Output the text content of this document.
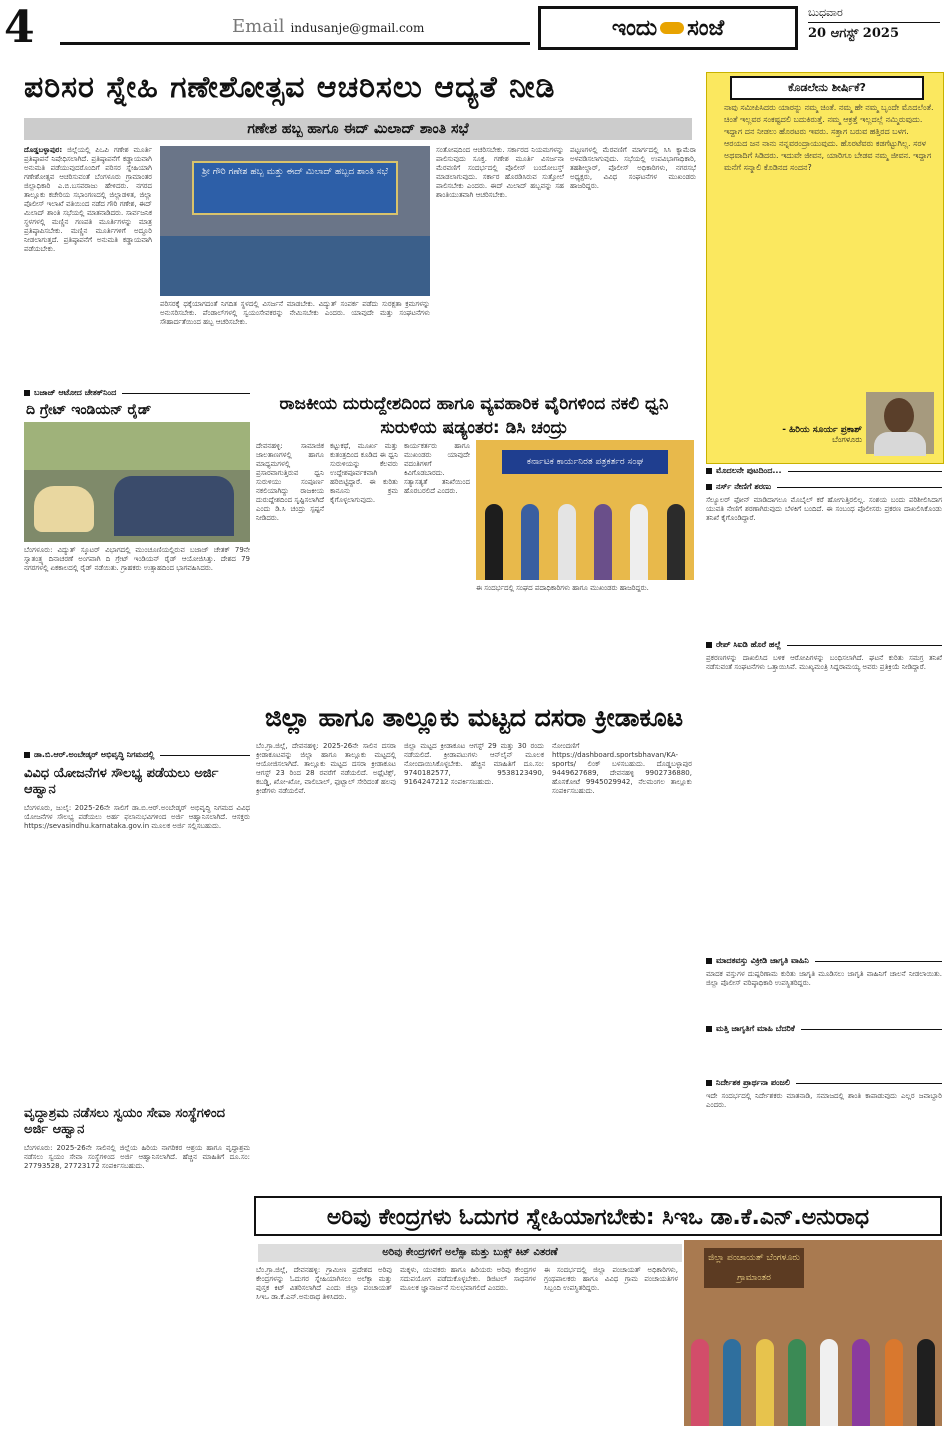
4	Email indusanje@gmail.com	ಇಂದು ಸಂಜೆ
ಬುಧವಾರ
20 ಆಗಸ್ಟ್ 2025
ಪರಿಸರ ಸ್ನೇಹಿ ಗಣೇಶೋತ್ಸವ ಆಚರಿಸಲು ಆದ್ಯತೆ ನೀಡಿ
ಗಣೇಶ ಹಬ್ಬ ಹಾಗೂ ಈದ್ ಮಿಲಾದ್ ಶಾಂತಿ ಸಭೆ
ದೊಡ್ಡಬಳ್ಳಾಪುರ: ಜಿಲ್ಲೆಯಲ್ಲಿ ಪಿಒಪಿ ಗಣೇಶ ಮೂರ್ತಿ ಪ್ರತಿಷ್ಠಾಪನೆ ನಿಷೇಧಿಸಲಾಗಿದೆ. ಪ್ರತಿಷ್ಠಾಪನೆಗೆ ಕಡ್ಡಾಯವಾಗಿ ಅನುಮತಿ ಪಡೆಯುವುದರೊಂದಿಗೆ ಪರಿಸರ ಸ್ನೇಹಿಯಾಗಿ ಗಣೇಶೋತ್ಸವ ಆಚರಿಸುವಂತೆ ಬೆಂಗಳೂರು ಗ್ರಾಮಾಂತರ ಜಿಲ್ಲಾಧಿಕಾರಿ ಎ.ಬಿ.ಬಸವರಾಜು ಹೇಳಿದರು. ನಗರದ ತಾಲ್ಲೂಕು ಕಚೇರಿಯ ಸಭಾಂಗಣದಲ್ಲಿ ಜಿಲ್ಲಾಡಳಿತ, ಜಿಲ್ಲಾ ಪೊಲೀಸ್ ಇಲಾಖೆ ವತಿಯಿಂದ ನಡೆದ ಗೌರಿ ಗಣೇಶ, ಈದ್ ಮಿಲಾದ್ ಶಾಂತಿ ಸಭೆಯಲ್ಲಿ ಮಾತನಾಡಿದರು. ಸಾರ್ವಜನಿಕ ಸ್ಥಳಗಳಲ್ಲಿ ಮಣ್ಣಿನ ಗಣಪತಿ ಮೂರ್ತಿಗಳನ್ನು ಮಾತ್ರ ಪ್ರತಿಷ್ಠಾಪಿಸಬೇಕು. ಮಣ್ಣಿನ ಮೂರ್ತಿಗಳಿಗೆ ಅದ್ದೂರಿ ನೀಡಲಾಗುತ್ತದೆ. ಪ್ರತಿಷ್ಠಾಪನೆಗೆ ಅನುಮತಿ ಕಡ್ಡಾಯವಾಗಿ ಪಡೆಯಬೇಕು.
ಶ್ರೀ ಗೌರಿ ಗಣೇಶ ಹಬ್ಬ ಮತ್ತು ಈದ್ ಮಿಲಾದ್ ಹಬ್ಬದ ಶಾಂತಿ ಸಭೆ
ಪರಿಸರಕ್ಕೆ ಧಕ್ಕೆಯಾಗದಂತೆ ನಿಗದಿತ ಸ್ಥಳದಲ್ಲಿ ವಿಸರ್ಜನೆ ಮಾಡಬೇಕು. ವಿದ್ಯುತ್ ಸಂಪರ್ಕ ಪಡೆದು ಸುರಕ್ಷತಾ ಕ್ರಮಗಳನ್ನು ಅನುಸರಿಸಬೇಕು. ಪೆಂಡಾಲ್‌ಗಳಲ್ಲಿ ಸ್ವಯಂಸೇವಕರನ್ನು ನೇಮಿಸಬೇಕು ಎಂದರು. ಯಾವುದೇ ಮತ್ತು ಸಂಘಟನೆಗಳು ಸೌಹಾರ್ದತೆಯಿಂದ ಹಬ್ಬ ಆಚರಿಸಬೇಕು.
ಸಂತೋಷದಿಂದ ಆಚರಿಸಬೇಕು. ಸರ್ಕಾರದ ನಿಯಮಗಳನ್ನು ಪಾಲಿಸುವುದು ಸೂಕ್ತ. ಗಣೇಶ ಮೂರ್ತಿ ವಿಸರ್ಜನಾ ಮೆರವಣಿಗೆ ಸಂದರ್ಭದಲ್ಲಿ ಪೊಲೀಸ್ ಬಂದೋಬಸ್ತ್ ಮಾಡಲಾಗುವುದು. ಸರ್ಕಾರ ಹೊರಡಿಸಿರುವ ಸುತ್ತೋಲೆ ಪಾಲಿಸಬೇಕು ಎಂದರು. ಈದ್ ಮಿಲಾದ್ ಹಬ್ಬವನ್ನು ಸಹ ಶಾಂತಿಯುತವಾಗಿ ಆಚರಿಸಬೇಕು.
ಪಟ್ಟಣಗಳಲ್ಲಿ ಮೆರವಣಿಗೆ ಮಾರ್ಗದಲ್ಲಿ ಸಿಸಿ ಕ್ಯಾಮೆರಾ ಅಳವಡಿಸಲಾಗುವುದು. ಸಭೆಯಲ್ಲಿ ಉಪವಿಭಾಗಾಧಿಕಾರಿ, ತಹಶೀಲ್ದಾರ್, ಪೊಲೀಸ್ ಅಧಿಕಾರಿಗಳು, ನಗರಸಭೆ ಅಧ್ಯಕ್ಷರು, ವಿವಿಧ ಸಂಘಟನೆಗಳ ಮುಖಂಡರು ಹಾಜರಿದ್ದರು.
ಕೊಡಲೇನು ಶೀರ್ಷಿಕೆ?
ನಾವು ಸಮೀಪಿಸಿದರು ಯಾರನ್ನು ನಮ್ಮ ಚಿಂತೆ. ನಮ್ಮ ಹೇ ನಮ್ಮ ಬೃಂದೇ ಮೊದಲೆಂತೆ. ಚಿಂತೆ ಇಲ್ಲವರ ಸಂಕಷ್ಟದಲಿ ಬದುಕಿರುತ್ತೆ. ನಮ್ಮ ಆಕ್ರತ್ತೆ ಇಲ್ಲದಲ್ಲೆ ನಮ್ಮಿರುವುದು. ಇದ್ದಾಗ ದನ ನೀಡಲು ಹೊರಟರು ಇವರು. ಸತ್ತಾಗ ಬರುವ ಹತ್ತಿರದ ಬಳಗ. ಆರಯದ ಜನ ನಾನು ನನ್ನವರಂದ್ರಾಯುವುದು. ಹೊರಟೆವರು ಕಡಗೆಟ್ಟುಗಿಲ್ಲ. ಸರಳ ಅಥವಾದಿಗೆ ಸಿಡಿದರು. ಇದುವೇ ಜೀವನ, ಯಾರಿಗೂ ಬೇಡವ ನಮ್ಮ ಜೀವನ. ಇದ್ದಾಗ ಮನೆಗೆ ಸನ್ಮಾಲಿ ಕೊಡಿನದ ಸಂದನ?
- ಹಿರಿಯ ಸೂರ್ಯ ಪ್ರಕಾಶ್
ಬೆಂಗಳೂರು
ಬಜಾಜ್ ಆಟೋದ ಚೇತಕ್‌ನಿಂದ
ದಿ ಗ್ರೇಟ್ ಇಂಡಿಯನ್ ರೈಡ್
ಬೆಂಗಳೂರು: ವಿದ್ಯುತ್ ಸ್ಕೂಟರ್ ವಿಭಾಗದಲ್ಲಿ ಮುಂಚೂಣಿಯಲ್ಲಿರುವ ಬಜಾಜ್ ಚೇತಕ್ 79ನೇ ಸ್ವಾತಂತ್ರ್ಯ ದಿನಾಚರಣೆ ಅಂಗವಾಗಿ ದಿ ಗ್ರೇಟ್ ಇಂಡಿಯನ್ ರೈಡ್ ಆಯೋಜಿಸಿತ್ತು. ದೇಶದ 79 ನಗರಗಳಲ್ಲಿ ಏಕಕಾಲದಲ್ಲಿ ರೈಡ್ ನಡೆಯಿತು. ಗ್ರಾಹಕರು ಉತ್ಸಾಹದಿಂದ ಭಾಗವಹಿಸಿದರು.
ಡಾ.ಬಿ.ಆರ್.ಅಂಬೇಡ್ಕರ್ ಅಭಿವೃದ್ಧಿ ನಿಗಮದಲ್ಲಿ
ವಿವಿಧ ಯೋಜನೆಗಳ ಸೌಲಭ್ಯ ಪಡೆಯಲು ಅರ್ಜಿ ಆಹ್ವಾನ
ಬೆಂಗಳೂರು, ಜುಲೈ: 2025-26ನೇ ಸಾಲಿಗೆ ಡಾ.ಬಿ.ಆರ್.ಅಂಬೇಡ್ಕರ್ ಅಭಿವೃದ್ಧಿ ನಿಗಮದ ವಿವಿಧ ಯೋಜನೆಗಳ ಸೌಲಭ್ಯ ಪಡೆಯಲು ಅರ್ಹ ಫಲಾನುಭವಿಗಳಿಂದ ಅರ್ಜಿ ಆಹ್ವಾನಿಸಲಾಗಿದೆ. ಆಸಕ್ತರು https://sevasindhu.karnataka.gov.in ಮೂಲಕ ಅರ್ಜಿ ಸಲ್ಲಿಸಬಹುದು.
ವೃದ್ಧಾಶ್ರಮ ನಡೆಸಲು ಸ್ವಯಂ ಸೇವಾ ಸಂಸ್ಥೆಗಳಿಂದ ಅರ್ಜಿ ಆಹ್ವಾನ
ಬೆಂಗಳೂರು: 2025-26ನೇ ಸಾಲಿನಲ್ಲಿ ಜಿಲ್ಲೆಯ ಹಿರಿಯ ನಾಗರಿಕರ ಆಶ್ರಯ ಹಾಗೂ ವೃದ್ಧಾಶ್ರಮ ನಡೆಸಲು ಸ್ವಯಂ ಸೇವಾ ಸಂಸ್ಥೆಗಳಿಂದ ಅರ್ಜಿ ಆಹ್ವಾನಿಸಲಾಗಿದೆ. ಹೆಚ್ಚಿನ ಮಾಹಿತಿಗೆ ದೂ.ಸಂ: 27793528, 27723172 ಸಂಪರ್ಕಿಸಬಹುದು.
ರಾಜಕೀಯ ದುರುದ್ದೇಶದಿಂದ ಹಾಗೂ ವ್ಯವಹಾರಿಕ ವೈರಿಗಳಿಂದ ನಕಲಿ ಧ್ವನಿ ಸುರುಳಿಯ ಷಡ್ಯಂತರ: ಡಿಸಿ ಚಂದ್ರು
ದೇವನಹಳ್ಳಿ: ಸಾಮಾಜಿಕ ಜಾಲತಾಣಗಳಲ್ಲಿ ಹಾಗೂ ಮಾಧ್ಯಮಗಳಲ್ಲಿ ಪ್ರಸಾರವಾಗುತ್ತಿರುವ ಧ್ವನಿ ಸುರುಳಿಯು ಸಂಪೂರ್ಣ ನಕಲಿಯಾಗಿದ್ದು ರಾಜಕೀಯ ದುರುದ್ದೇಶದಿಂದ ಸೃಷ್ಟಿಸಲಾಗಿದೆ ಎಂದು ಡಿ.ಸಿ ಚಂದ್ರು ಸ್ಪಷ್ಟನೆ ನೀಡಿದರು.
ಕಟ್ಟುಕಥೆ, ಮೂರ್ಖ ಮತ್ತು ಕುತಂತ್ರದಿಂದ ಕೂಡಿದ ಈ ಧ್ವನಿ ಸುರುಳಿಯನ್ನು ಕೆಲವರು ಉದ್ದೇಶಪೂರ್ವಕವಾಗಿ ಹರಿಬಿಟ್ಟಿದ್ದಾರೆ. ಈ ಕುರಿತು ಕಾನೂನು ಕ್ರಮ ಕೈಗೊಳ್ಳಲಾಗುವುದು.
ಕಾರ್ಯಕರ್ತರು ಹಾಗೂ ಮುಖಂಡರು ಯಾವುದೇ ವದಂತಿಗಳಿಗೆ ಕಿವಿಗೊಡಬಾರದು. ಸತ್ಯಾಸತ್ಯತೆ ತನಿಖೆಯಿಂದ ಹೊರಬರಲಿದೆ ಎಂದರು.
ಕರ್ನಾಟಕ ಕಾರ್ಯನಿರತ ಪತ್ರಕರ್ತರ ಸಂಘ
ಈ ಸಂದರ್ಭದಲ್ಲಿ ಸಂಘದ ಪದಾಧಿಕಾರಿಗಳು ಹಾಗೂ ಮುಖಂಡರು ಹಾಜರಿದ್ದರು.
ಜಿಲ್ಲಾ ಹಾಗೂ ತಾಲ್ಲೂಕು ಮಟ್ಟದ ದಸರಾ ಕ್ರೀಡಾಕೂಟ
ಬೆಂ.ಗ್ರಾ.ಜಿಲ್ಲೆ, ದೇವನಹಳ್ಳಿ: 2025-26ನೇ ಸಾಲಿನ ದಸರಾ ಕ್ರೀಡಾಕೂಟವನ್ನು ಜಿಲ್ಲಾ ಹಾಗೂ ತಾಲ್ಲೂಕು ಮಟ್ಟದಲ್ಲಿ ಆಯೋಜಿಸಲಾಗಿದೆ. ತಾಲ್ಲೂಕು ಮಟ್ಟದ ದಸರಾ ಕ್ರೀಡಾಕೂಟ ಆಗಸ್ಟ್ 23 ರಿಂದ 28 ರವರೆಗೆ ನಡೆಯಲಿದೆ. ಅಥ್ಲೆಟಿಕ್ಸ್, ಕಬಡ್ಡಿ, ಖೋ-ಖೋ, ವಾಲಿಬಾಲ್, ಫುಟ್ಬಾಲ್ ಸೇರಿದಂತೆ ಹಲವು ಕ್ರೀಡೆಗಳು ನಡೆಯಲಿವೆ.
ಜಿಲ್ಲಾ ಮಟ್ಟದ ಕ್ರೀಡಾಕೂಟ ಆಗಸ್ಟ್ 29 ಮತ್ತು 30 ರಂದು ನಡೆಯಲಿದೆ. ಕ್ರೀಡಾಪಟುಗಳು ಆನ್‌ಲೈನ್ ಮೂಲಕ ನೋಂದಾಯಿಸಿಕೊಳ್ಳಬೇಕು. ಹೆಚ್ಚಿನ ಮಾಹಿತಿಗೆ ದೂ.ಸಂ: 9740182577, 9538123490, 9164247212 ಸಂಪರ್ಕಿಸಬಹುದು.
ನೋಂದಣಿಗೆ https://dashboard.sportsbhavan/KA-sports/ ಲಿಂಕ್ ಬಳಸಬಹುದು. ದೊಡ್ಡಬಳ್ಳಾಪುರ 9449627689, ದೇವನಹಳ್ಳಿ 9902736880, ಹೊಸಕೋಟೆ 9945029942, ನೆಲಮಂಗಲ ತಾಲ್ಲೂಕು ಸಂಪರ್ಕಿಸಬಹುದು.
ಮೊದಲನೇ ಪುಟದಿಂದ...
ನರ್ಸ್ ನೇಣಿಗೆ ಶರಣು
ಸೆಲ್ಯೂಲರ್ ಫೋನ್ ಮಾಡಿದಾಗಲೂ ಮೊಬೈಲ್ ಕರೆ ಹೋಗುತ್ತಿರಲಿಲ್ಲ. ಸಂಶಯ ಬಂದು ಪರಿಶೀಲಿಸಿದಾಗ ಯುವತಿ ನೇಣಿಗೆ ಶರಣಾಗಿರುವುದು ಬೆಳಕಿಗೆ ಬಂದಿದೆ. ಈ ಸಂಬಂಧ ಪೊಲೀಸರು ಪ್ರಕರಣ ದಾಖಲಿಸಿಕೊಂಡು ತನಿಖೆ ಕೈಗೊಂಡಿದ್ದಾರೆ.
ರೇಪ್ ಸಿಐಡಿ ಹೊರೆ ಹಲ್ಲೆ
ಪ್ರಕರಣಗಳನ್ನು ದಾಖಲಿಸಿದ ಬಳಿಕ ಆರೋಪಿಗಳನ್ನು ಬಂಧಿಸಲಾಗಿದೆ. ಘಟನೆ ಕುರಿತು ಸಮಗ್ರ ತನಿಖೆ ನಡೆಸುವಂತೆ ಸಂಘಟನೆಗಳು ಒತ್ತಾಯಿಸಿವೆ. ಮುಖ್ಯಮಂತ್ರಿ ಸಿದ್ದರಾಮಯ್ಯ ಅವರು ಪ್ರತಿಕ್ರಿಯೆ ನೀಡಿದ್ದಾರೆ.
ಮಾದಕವಸ್ತು ವಿಕ್ರೀಡಿ ಜಾಗೃತಿ ವಾಹಿನಿ
ಮಾದಕ ವಸ್ತುಗಳ ದುಷ್ಪರಿಣಾಮ ಕುರಿತು ಜಾಗೃತಿ ಮೂಡಿಸಲು ಜಾಗೃತಿ ವಾಹಿನಿಗೆ ಚಾಲನೆ ನೀಡಲಾಯಿತು. ಜಿಲ್ಲಾ ಪೊಲೀಸ್ ವರಿಷ್ಠಾಧಿಕಾರಿ ಉಪಸ್ಥಿತರಿದ್ದರು.
ಮತ್ತಿ ಜಾಗೃತಿಗೆ ಮಾಹಿ ಬೆದರಿಕೆ
ನಿರ್ದೇಶಕ ಪ್ರಾರ್ಥನಾ ಪಂಜಲಿ
ಇದೇ ಸಂದರ್ಭದಲ್ಲಿ ನಿರ್ದೇಶಕರು ಮಾತನಾಡಿ, ಸಮಾಜದಲ್ಲಿ ಶಾಂತಿ ಕಾಪಾಡುವುದು ಎಲ್ಲರ ಜವಾಬ್ದಾರಿ ಎಂದರು.
ಅರಿವು ಕೇಂದ್ರಗಳು ಓದುಗರ ಸ್ನೇಹಿಯಾಗಬೇಕು: ಸಿಇಒ ಡಾ.ಕೆ.ಎನ್.ಅನುರಾಧ
ಅರಿವು ಕೇಂದ್ರಗಳಿಗೆ ಅಲೆಕ್ಸಾ ಮತ್ತು ಬುಕ್ಸ್ ಕಿಟ್ ವಿತರಣೆ
ಬೆಂ.ಗ್ರಾ.ಜಿಲ್ಲೆ, ದೇವನಹಳ್ಳಿ: ಗ್ರಾಮೀಣ ಪ್ರದೇಶದ ಅರಿವು ಕೇಂದ್ರಗಳನ್ನು ಓದುಗರ ಸ್ನೇಹಿಯಾಗಿಸಲು ಅಲೆಕ್ಸಾ ಮತ್ತು ಪುಸ್ತಕ ಕಿಟ್ ವಿತರಿಸಲಾಗಿದೆ ಎಂದು ಜಿಲ್ಲಾ ಪಂಚಾಯತ್ ಸಿಇಒ ಡಾ.ಕೆ.ಎನ್.ಅನುರಾಧ ತಿಳಿಸಿದರು.
ಮಕ್ಕಳು, ಯುವಕರು ಹಾಗೂ ಹಿರಿಯರು ಅರಿವು ಕೇಂದ್ರಗಳ ಸದುಪಯೋಗ ಪಡೆದುಕೊಳ್ಳಬೇಕು. ಡಿಜಿಟಲ್ ಸಾಧನಗಳ ಮೂಲಕ ಜ್ಞಾನಾರ್ಜನೆ ಸುಲಭವಾಗಲಿದೆ ಎಂದರು.
ಈ ಸಂದರ್ಭದಲ್ಲಿ ಜಿಲ್ಲಾ ಪಂಚಾಯತ್ ಅಧಿಕಾರಿಗಳು, ಗ್ರಂಥಪಾಲಕರು ಹಾಗೂ ವಿವಿಧ ಗ್ರಾಮ ಪಂಚಾಯತಿಗಳ ಸಿಬ್ಬಂದಿ ಉಪಸ್ಥಿತರಿದ್ದರು.
ಜಿಲ್ಲಾ ಪಂಚಾಯತ್ ಬೆಂಗಳೂರು ಗ್ರಾಮಾಂತರ
